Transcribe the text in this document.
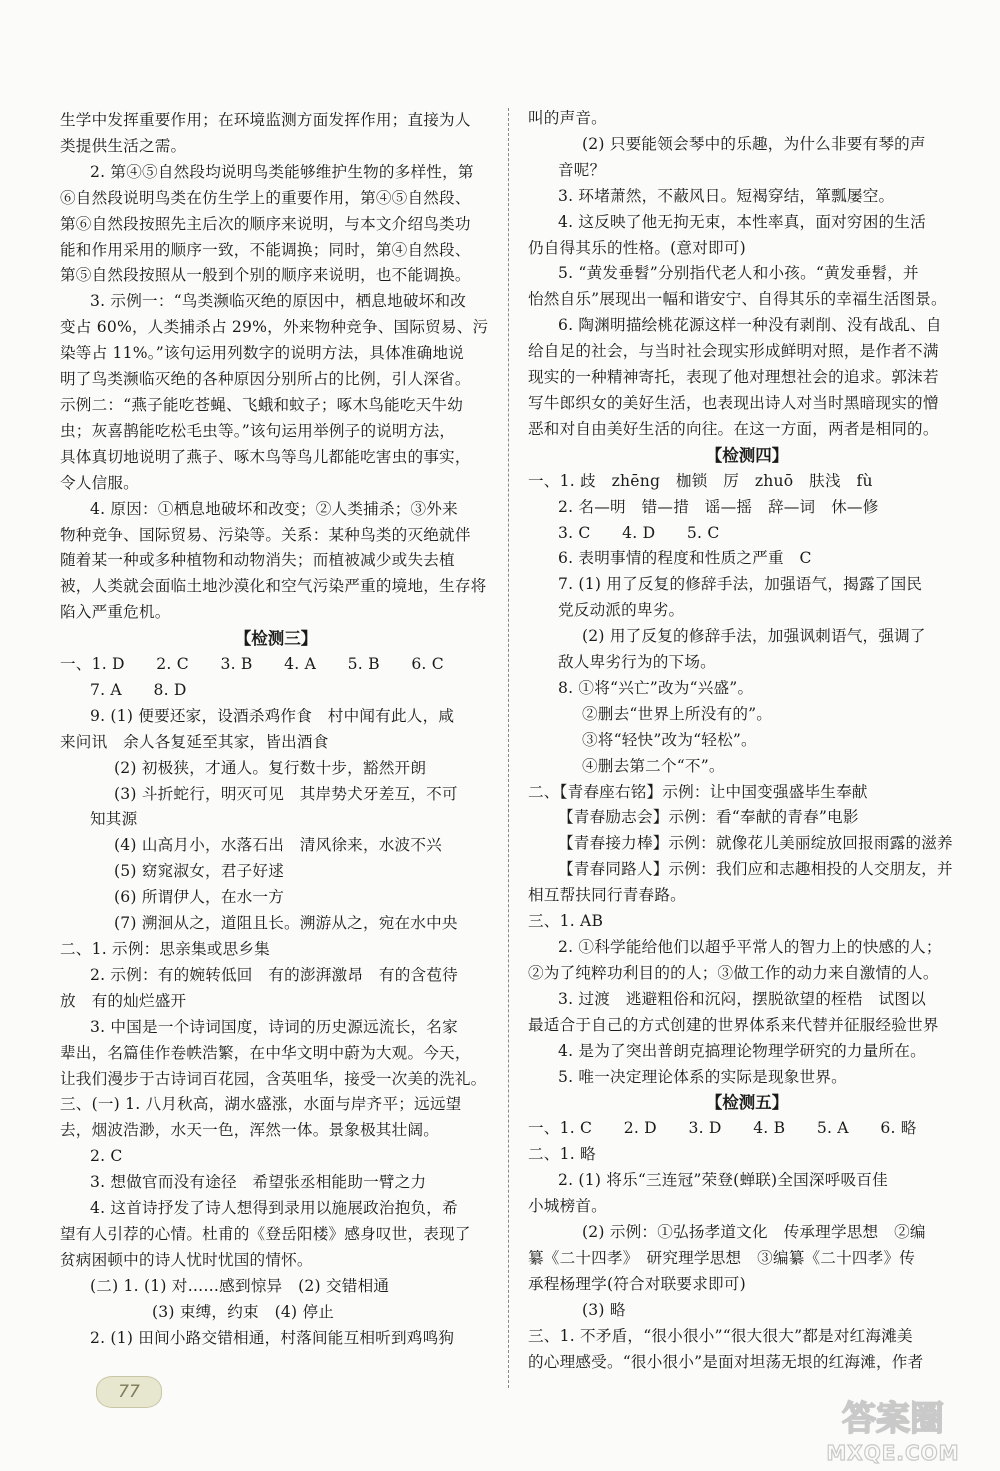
生学中发挥重要作用；在环境监测方面发挥作用；直接为人
类提供生活之需。
2. 第④⑤自然段均说明鸟类能够维护生物的多样性，第
⑥自然段说明鸟类在仿生学上的重要作用，第④⑤自然段、
第⑥自然段按照先主后次的顺序来说明，与本文介绍鸟类功
能和作用采用的顺序一致，不能调换；同时，第④自然段、
第⑤自然段按照从一般到个别的顺序来说明，也不能调换。
3. 示例一：“鸟类濒临灭绝的原因中，栖息地破坏和改
变占 60%，人类捕杀占 29%，外来物种竞争、国际贸易、污
染等占 11%。”该句运用列数字的说明方法，具体准确地说
明了鸟类濒临灭绝的各种原因分别所占的比例，引人深省。
示例二：“燕子能吃苍蝇、飞蛾和蚊子；啄木鸟能吃天牛幼
虫；灰喜鹊能吃松毛虫等。”该句运用举例子的说明方法，
具体真切地说明了燕子、啄木鸟等鸟儿都能吃害虫的事实，
令人信服。
4. 原因：①栖息地破坏和改变；②人类捕杀；③外来
物种竞争、国际贸易、污染等。关系：某种鸟类的灭绝就伴
随着某一种或多种植物和动物消失；而植被减少或失去植
被，人类就会面临土地沙漠化和空气污染严重的境地，生存将
陷入严重危机。
【检测三】
一、1. D　　2. C　　3. B　　4. A　　5. B　　6. C
7. A　　8. D
9. (1) 便要还家，设酒杀鸡作食　村中闻有此人，咸
来问讯　余人各复延至其家，皆出酒食
(2) 初极狭，才通人。复行数十步，豁然开朗
(3) 斗折蛇行，明灭可见　其岸势犬牙差互，不可
知其源
(4) 山高月小，水落石出　清风徐来，水波不兴
(5) 窈窕淑女，君子好逑
(6) 所谓伊人，在水一方
(7) 溯洄从之，道阻且长。溯游从之，宛在水中央
二、1. 示例：思亲集或思乡集
2. 示例：有的婉转低回　有的澎湃激昂　有的含苞待
放　有的灿烂盛开
3. 中国是一个诗词国度，诗词的历史源远流长，名家
辈出，名篇佳作卷帙浩繁，在中华文明中蔚为大观。今天，
让我们漫步于古诗词百花园，含英咀华，接受一次美的洗礼。
三、(一) 1. 八月秋高，湖水盛涨，水面与岸齐平；远远望
去，烟波浩渺，水天一色，浑然一体。景象极其壮阔。
2. C
3. 想做官而没有途径　希望张丞相能助一臂之力
4. 这首诗抒发了诗人想得到录用以施展政治抱负，希
望有人引荐的心情。杜甫的《登岳阳楼》感身叹世，表现了
贫病困顿中的诗人忧时忧国的情怀。
(二) 1. (1) 对……感到惊异　(2) 交错相通
(3) 束缚，约束　(4) 停止
2. (1) 田间小路交错相通，村落间能互相听到鸡鸣狗
叫的声音。
(2) 只要能领会琴中的乐趣，为什么非要有琴的声
音呢？
3. 环堵萧然，不蔽风日。短褐穿结，箪瓢屡空。
4. 这反映了他无拘无束，本性率真，面对穷困的生活
仍自得其乐的性格。(意对即可)
5. “黄发垂髫”分别指代老人和小孩。“黄发垂髫，并
怡然自乐”展现出一幅和谐安宁、自得其乐的幸福生活图景。
6. 陶渊明描绘桃花源这样一种没有剥削、没有战乱、自
给自足的社会，与当时社会现实形成鲜明对照，是作者不满
现实的一种精神寄托，表现了他对理想社会的追求。郭沫若
写牛郎织女的美好生活，也表现出诗人对当时黑暗现实的憎
恶和对自由美好生活的向往。在这一方面，两者是相同的。
【检测四】
一、1. 歧　zhēng　枷锁　厉　zhuō　肤浅　fù
2. 名—明　错—措　谣—摇　辞—词　休—修
3. C　　4. D　　5. C
6. 表明事情的程度和性质之严重　C
7. (1) 用了反复的修辞手法，加强语气，揭露了国民
党反动派的卑劣。
(2) 用了反复的修辞手法，加强讽刺语气，强调了
敌人卑劣行为的下场。
8. ①将“兴亡”改为“兴盛”。
②删去“世界上所没有的”。
③将“轻快”改为“轻松”。
④删去第二个“不”。
二、【青春座右铭】示例：让中国变强盛毕生奉献
【青春励志会】示例：看“奉献的青春”电影
【青春接力棒】示例：就像花儿美丽绽放回报雨露的滋养
【青春同路人】示例：我们应和志趣相投的人交朋友，并
相互帮扶同行青春路。
三、1. AB
2. ①科学能给他们以超乎平常人的智力上的快感的人；
②为了纯粹功利目的的人；③做工作的动力来自激情的人。
3. 过渡　逃避粗俗和沉闷，摆脱欲望的桎梏　试图以
最适合于自己的方式创建的世界体系来代替并征服经验世界
4. 是为了突出普朗克搞理论物理学研究的力量所在。
5. 唯一决定理论体系的实际是现象世界。
【检测五】
一、1. C　　2. D　　3. D　　4. B　　5. A　　6. 略
二、1. 略
2. (1) 将乐“三连冠”荣登(蝉联)全国深呼吸百佳
小城榜首。
(2) 示例：①弘扬孝道文化　传承理学思想　②编
纂《二十四孝》　研究理学思想　③编纂《二十四孝》传
承程杨理学(符合对联要求即可)
(3) 略
三、1. 不矛盾，“很小很小”“很大很大”都是对红海滩美
的心理感受。“很小很小”是面对坦荡无垠的红海滩，作者
77
答案圈
MXQE.COM
